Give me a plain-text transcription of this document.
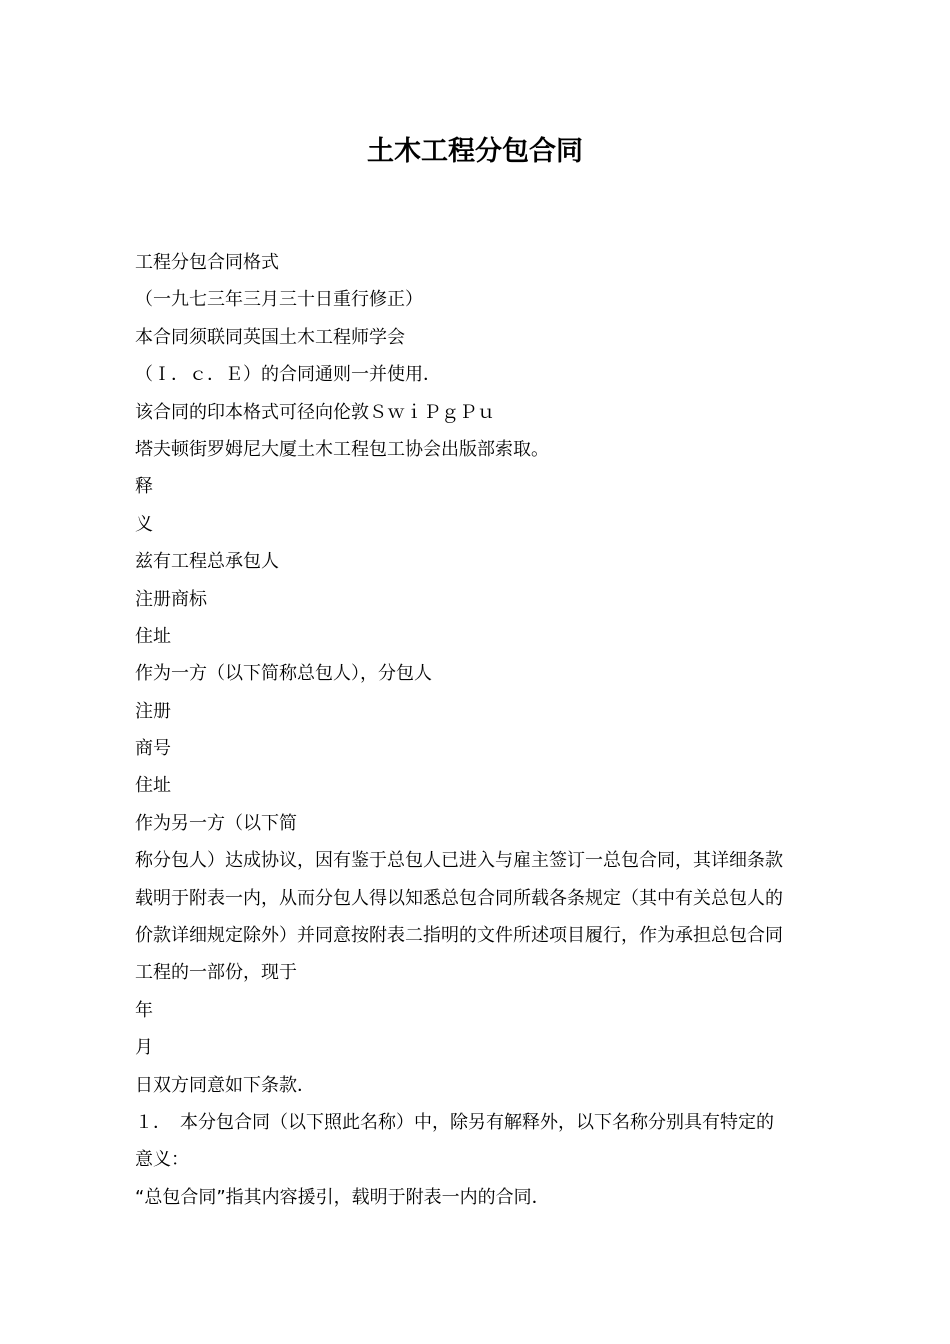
土木工程分包合同
工程分包合同格式
（一九七三年三月三十日重行修正）
本合同须联同英国土木工程师学会
（Ｉ．ｃ．Ｅ）的合同通则一并使用．
该合同的印本格式可径向伦敦ＳｗｉＰｇＰｕ
塔夫顿街罗姆尼大厦土木工程包工协会出版部索取。
释
义
兹有工程总承包人
注册商标
住址
作为一方（以下简称总包人），分包人
注册
商号
住址
作为另一方（以下简
称分包人）达成协议，因有鉴于总包人已进入与雇主签订一总包合同，其详细条款
载明于附表一内，从而分包人得以知悉总包合同所载各条规定（其中有关总包人的
价款详细规定除外）并同意按附表二指明的文件所述项目履行，作为承担总包合同
工程的一部份，现于
年
月
日双方同意如下条款．
１．　本分包合同（以下照此名称）中，除另有解释外，以下名称分别具有特定的
意义：
“总包合同”指其内容援引，载明于附表一内的合同．
